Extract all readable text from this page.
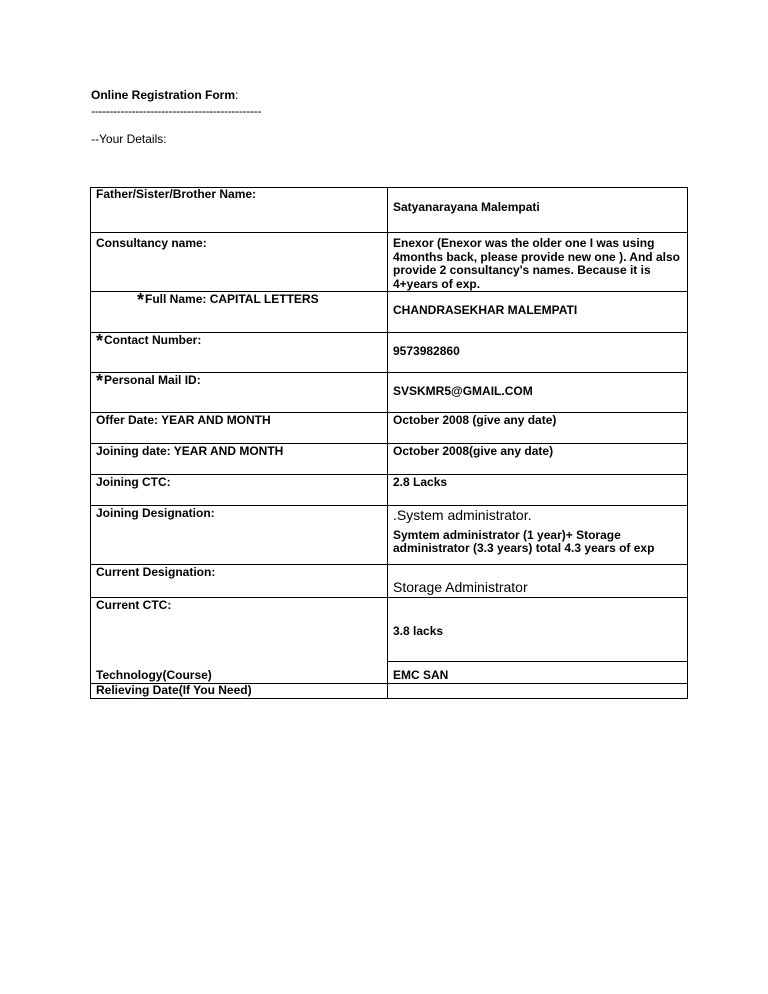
Online Registration Form:
----------------------------------------------
--Your Details:
Father/Sister/Brother Name:	Satyanarayana Malempati

Consultancy name:	Enexor (Enexor was the older one I was using 4months back, please provide new one ). And also provide 2 consultancy's names. Because it is 4+years of exp.

*Full Name: CAPITAL LETTERS	CHANDRASEKHAR MALEMPATI

*Contact Number:	9573982860

*Personal Mail ID:	SVSKMR5@GMAIL.COM

Offer Date: YEAR AND MONTH	October 2008 (give any date)

Joining date: YEAR AND MONTH	October 2008(give any date)

Joining CTC:	2.8 Lacks

Joining Designation:	.System administrator.
Symtem administrator (1 year)+ Storage administrator (3.3 years) total 4.3 years of exp

Current Designation:	Storage Administrator

Current CTC:	3.8 lacks

Technology(Course)	EMC SAN

Relieving Date(If You Need)	
